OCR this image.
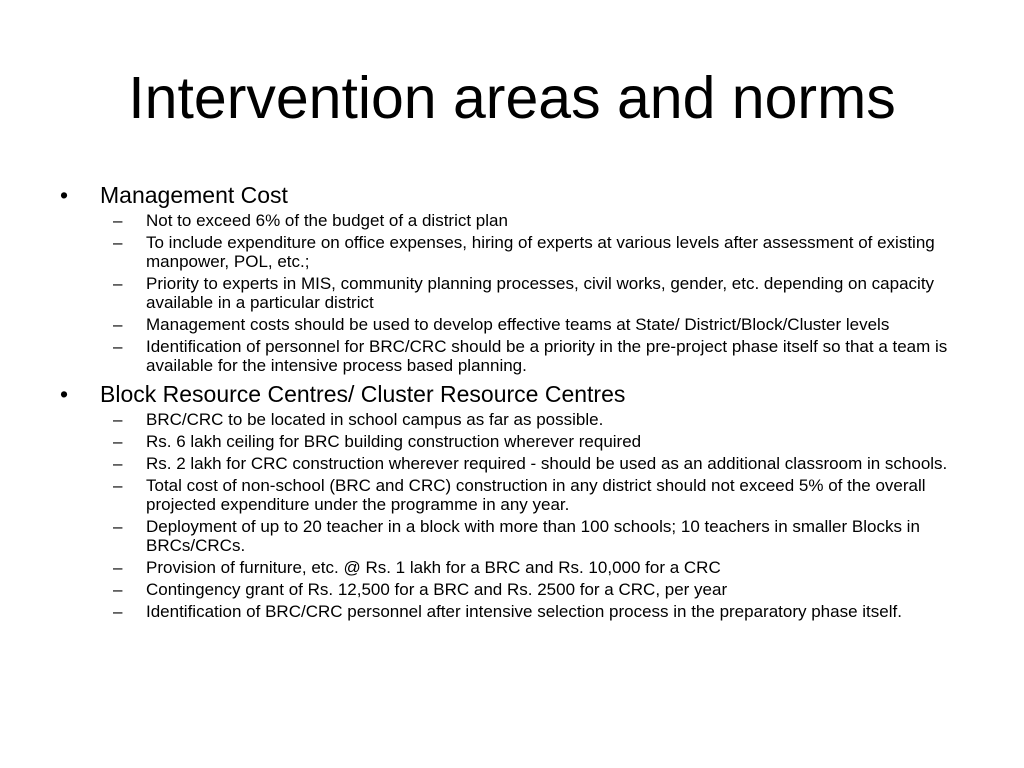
Intervention areas and norms
• Management Cost
– Not to exceed 6% of the budget of a district plan
– To include expenditure on office expenses, hiring of experts at various levels after assessment of existing manpower, POL, etc.;
– Priority to experts in MIS, community planning processes, civil works, gender, etc. depending on capacity available in a particular district
– Management costs should be used to develop effective teams at State/ District/Block/Cluster levels
– Identification of personnel for BRC/CRC should be a priority in the pre-project phase itself so that a team is available for the intensive process based planning.
• Block Resource Centres/ Cluster Resource Centres
– BRC/CRC to be located in school campus as far as possible.
– Rs. 6 lakh ceiling for BRC building construction wherever required
– Rs. 2 lakh for CRC construction wherever required - should be used as an additional classroom in schools.
– Total cost of non-school (BRC and CRC) construction in any district should not exceed 5% of the overall projected expenditure under the programme in any year.
– Deployment of up to 20 teacher in a block with more than 100 schools; 10 teachers in smaller Blocks in BRCs/CRCs.
– Provision of furniture, etc. @ Rs. 1 lakh for a BRC and Rs. 10,000 for a CRC
– Contingency grant of Rs. 12,500 for a BRC and Rs. 2500 for a CRC, per year
– Identification of BRC/CRC personnel after intensive selection process in the preparatory phase itself.
